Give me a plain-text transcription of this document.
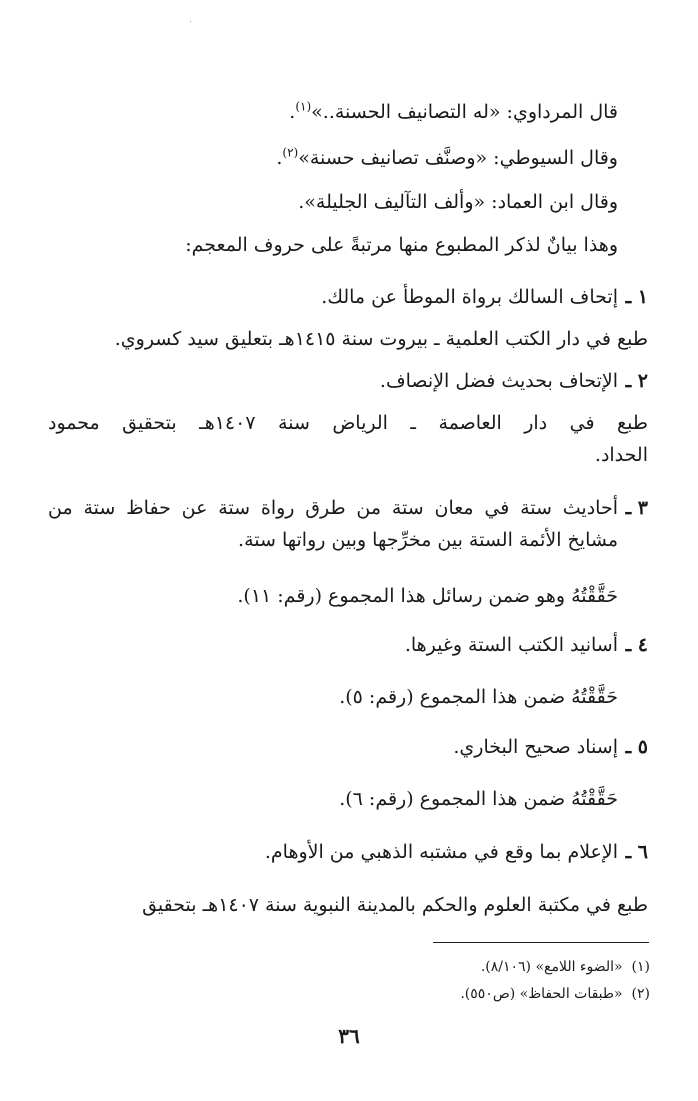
قال المرداوي: «له التصانيف الحسنة..»$^{(١)}$.
وقال السيوطي: «وصنَّف تصانيف حسنة»$^{(٢)}$.
وقال ابن العماد: «وألف التآليف الجليلة».
وهذا بيانٌ لذكر المطبوع منها مرتبةً على حروف المعجم:
١ ـ
إتحاف السالك برواة الموطأ عن مالك.
طبع في دار الكتب العلمية ـ بيروت سنة ١٤١٥هـ بتعليق سيد كسروي.
٢ ـ
الإتحاف بحديث فضل الإنصاف.
طبع في دار العاصمة ـ الرياض سنة ١٤٠٧هـ بتحقيق محمود
الحداد.
٣ ـ
أحاديث ستة في معان ستة من طرق رواة ستة عن حفاظ ستة من
مشايخ الأئمة الستة بين مخرِّجها وبين رواتها ستة.
حَقَّقْتُهُ وهو ضمن رسائل هذا المجموع (رقم: ١١).
٤ ـ
أسانيد الكتب الستة وغيرها.
حَقَّقْتُهُ ضمن هذا المجموع (رقم: ٥).
٥ ـ
إسناد صحيح البخاري.
حَقَّقْتُهُ ضمن هذا المجموع (رقم: ٦).
٦ ـ
الإعلام بما وقع في مشتبه الذهبي من الأوهام.
طبع في مكتبة العلوم والحكم بالمدينة النبوية سنة ١٤٠٧هـ بتحقيق
(١)  «الضوء اللامع» (٨/١٠٦).
(٢)  «طبقات الحفاظ» (ص٥٥٠).
٣٦
